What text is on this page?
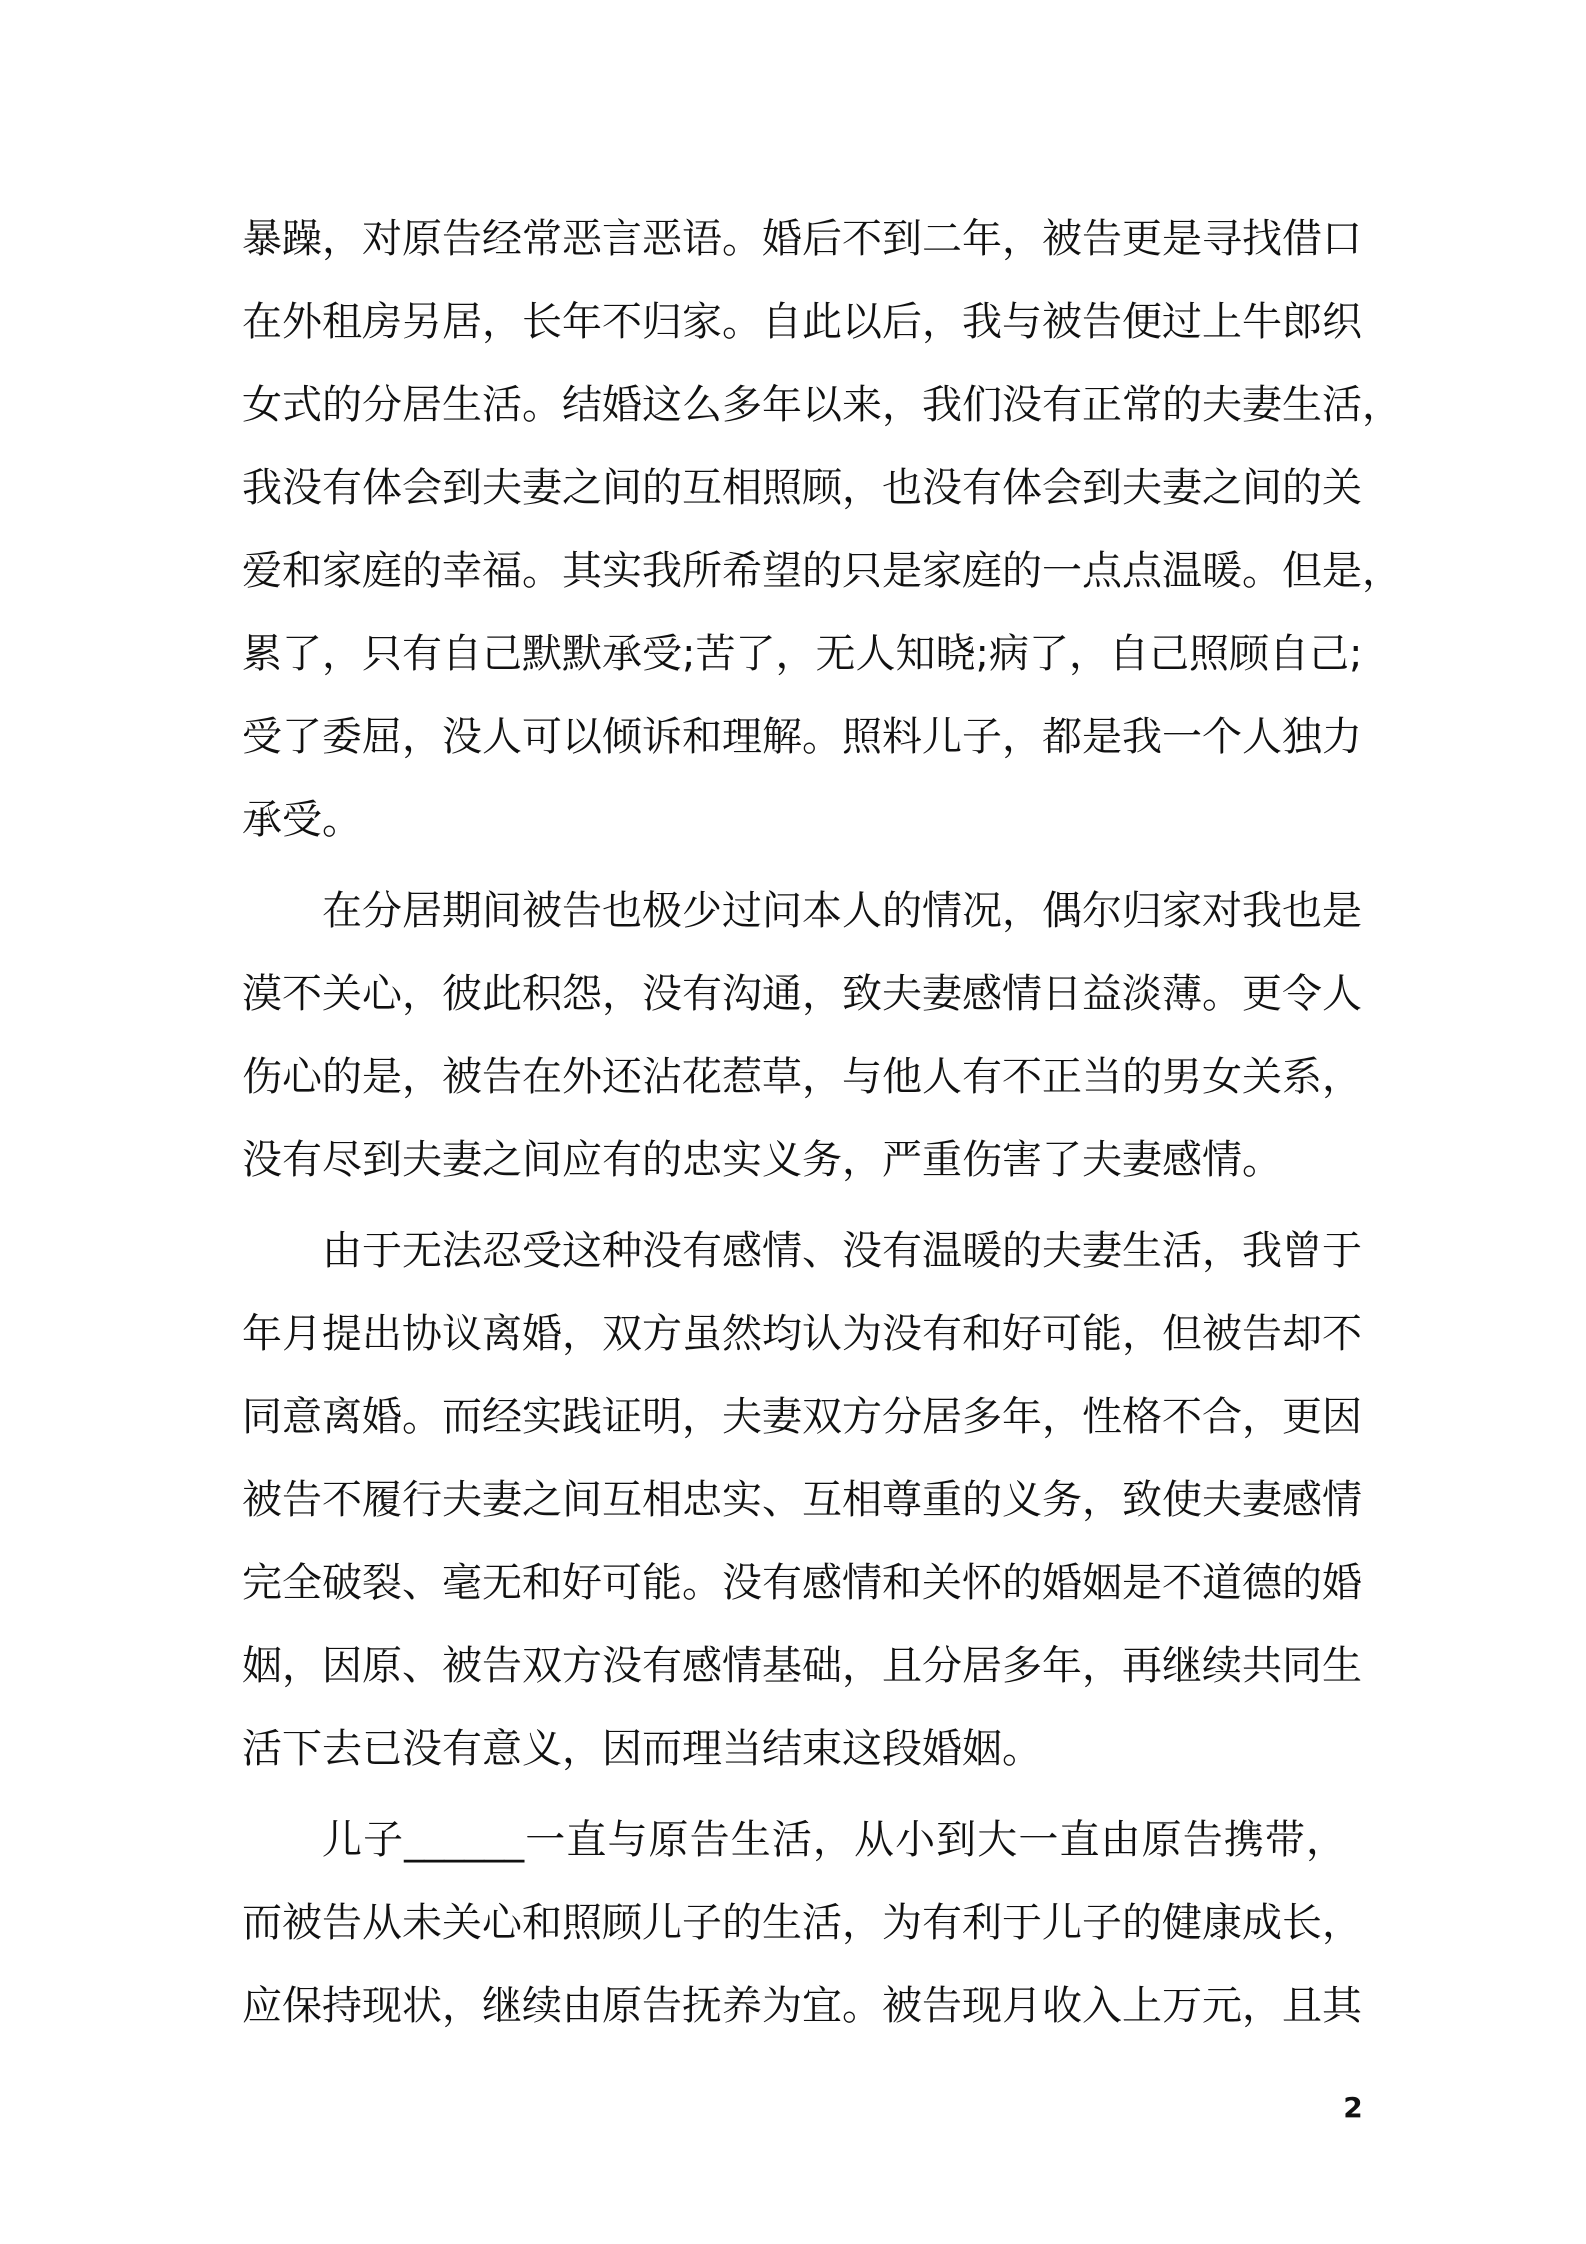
暴躁，对原告经常恶言恶语。婚后不到二年，被告更是寻找借口
在外租房另居，长年不归家。自此以后，我与被告便过上牛郎织
女式的分居生活。结婚这么多年以来，我们没有正常的夫妻生活，
我没有体会到夫妻之间的互相照顾，也没有体会到夫妻之间的关
爱和家庭的幸福。其实我所希望的只是家庭的一点点温暖。但是，
累了，只有自己默默承受;苦了，无人知晓;病了，自己照顾自己;
受了委屈，没人可以倾诉和理解。照料儿子，都是我一个人独力
承受。
在分居期间被告也极少过问本人的情况，偶尔归家对我也是
漠不关心，彼此积怨，没有沟通，致夫妻感情日益淡薄。更令人
伤心的是，被告在外还沾花惹草，与他人有不正当的男女关系，
没有尽到夫妻之间应有的忠实义务，严重伤害了夫妻感情。
由于无法忍受这种没有感情、没有温暖的夫妻生活，我曾于
年月提出协议离婚，双方虽然均认为没有和好可能，但被告却不
同意离婚。而经实践证明，夫妻双方分居多年，性格不合，更因
被告不履行夫妻之间互相忠实、互相尊重的义务，致使夫妻感情
完全破裂、毫无和好可能。没有感情和关怀的婚姻是不道德的婚
姻，因原、被告双方没有感情基础，且分居多年，再继续共同生
活下去已没有意义，因而理当结束这段婚姻。
儿子______一直与原告生活，从小到大一直由原告携带，
而被告从未关心和照顾儿子的生活，为有利于儿子的健康成长，
应保持现状，继续由原告抚养为宜。被告现月收入上万元，且其
2
